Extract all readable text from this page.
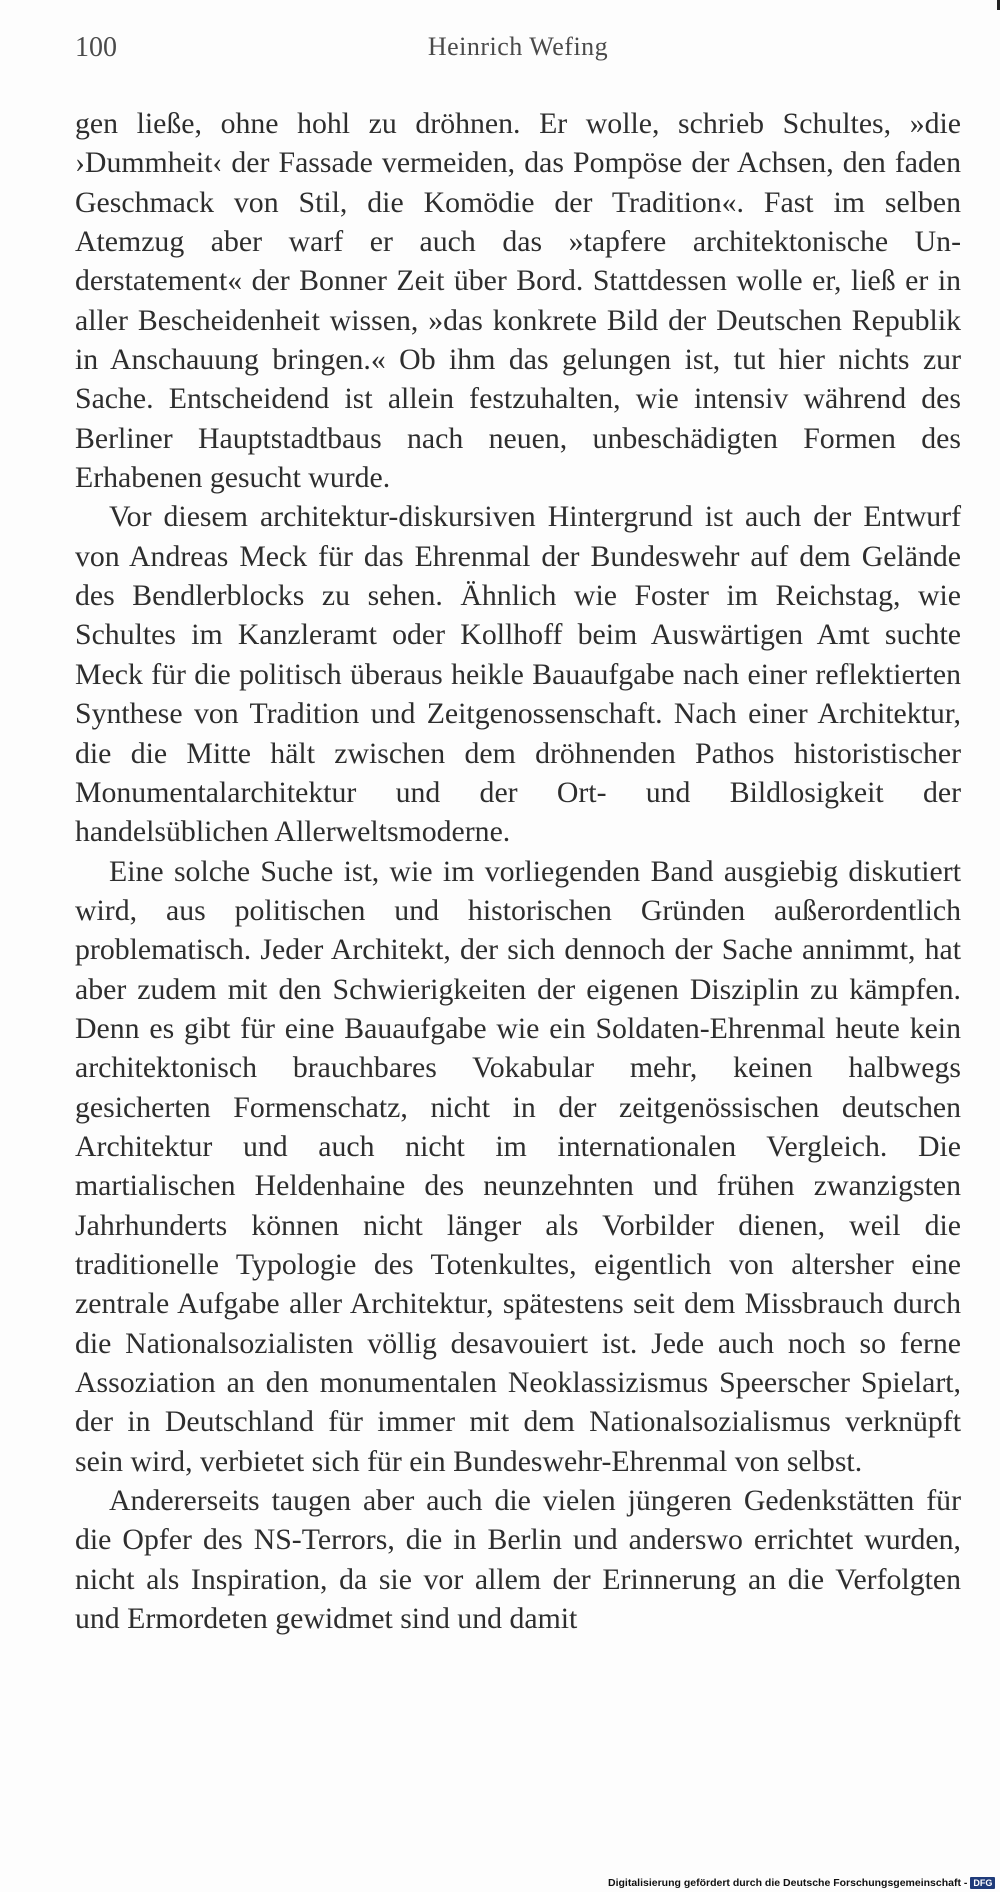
100	Heinrich Wefing

gen ließe, ohne hohl zu dröhnen. Er wolle, schrieb Schultes, »die ›Dummheit‹ der Fassade vermeiden, das Pompöse der Achsen, den faden Geschmack von Stil, die Komödie der Tradition«. Fast im selben Atemzug aber warf er auch das »tapfere architektonische Understatement« der Bonner Zeit über Bord. Stattdessen wolle er, ließ er in aller Bescheidenheit wissen, »das konkrete Bild der Deutschen Republik in Anschauung bringen.« Ob ihm das gelungen ist, tut hier nichts zur Sache. Entscheidend ist allein festzuhalten, wie intensiv während des Berliner Hauptstadtbaus nach neuen, unbeschädigten Formen des Erhabenen gesucht wurde.

Vor diesem architektur-diskursiven Hintergrund ist auch der Entwurf von Andreas Meck für das Ehrenmal der Bundeswehr auf dem Gelände des Bendlerblocks zu sehen. Ähnlich wie Foster im Reichstag, wie Schultes im Kanzleramt oder Kollhoff beim Auswärtigen Amt suchte Meck für die politisch überaus heikle Bauaufgabe nach einer reflektierten Synthese von Tradition und Zeitgenossenschaft. Nach einer Architektur, die die Mitte hält zwischen dem dröhnenden Pathos historistischer Monumentalarchitektur und der Ort- und Bildlosigkeit der handelsüblichen Allerweltsmoderne.

Eine solche Suche ist, wie im vorliegenden Band ausgiebig diskutiert wird, aus politischen und historischen Gründen außerordentlich problematisch. Jeder Architekt, der sich dennoch der Sache annimmt, hat aber zudem mit den Schwierigkeiten der eigenen Disziplin zu kämpfen. Denn es gibt für eine Bauaufgabe wie ein Soldaten-Ehrenmal heute kein architektonisch brauchbares Vokabular mehr, keinen halbwegs gesicherten Formenschatz, nicht in der zeitgenössischen deutschen Architektur und auch nicht im internationalen Vergleich. Die martialischen Heldenhaine des neunzehnten und frühen zwanzigsten Jahrhunderts können nicht länger als Vorbilder dienen, weil die traditionelle Typologie des Totenkultes, eigentlich von altersher eine zentrale Aufgabe aller Architektur, spätestens seit dem Missbrauch durch die Nationalsozialisten völlig desavouiert ist. Jede auch noch so ferne Assoziation an den monumentalen Neoklassizismus Speerscher Spielart, der in Deutschland für immer mit dem Nationalsozialismus verknüpft sein wird, verbietet sich für ein Bundeswehr-Ehrenmal von selbst.

Andererseits taugen aber auch die vielen jüngeren Gedenkstätten für die Opfer des NS-Terrors, die in Berlin und anderswo errichtet wurden, nicht als Inspiration, da sie vor allem der Erinnerung an die Verfolgten und Ermordeten gewidmet sind und damit

Digitalisierung gefördert durch die Deutsche Forschungsgemeinschaft - DFG
